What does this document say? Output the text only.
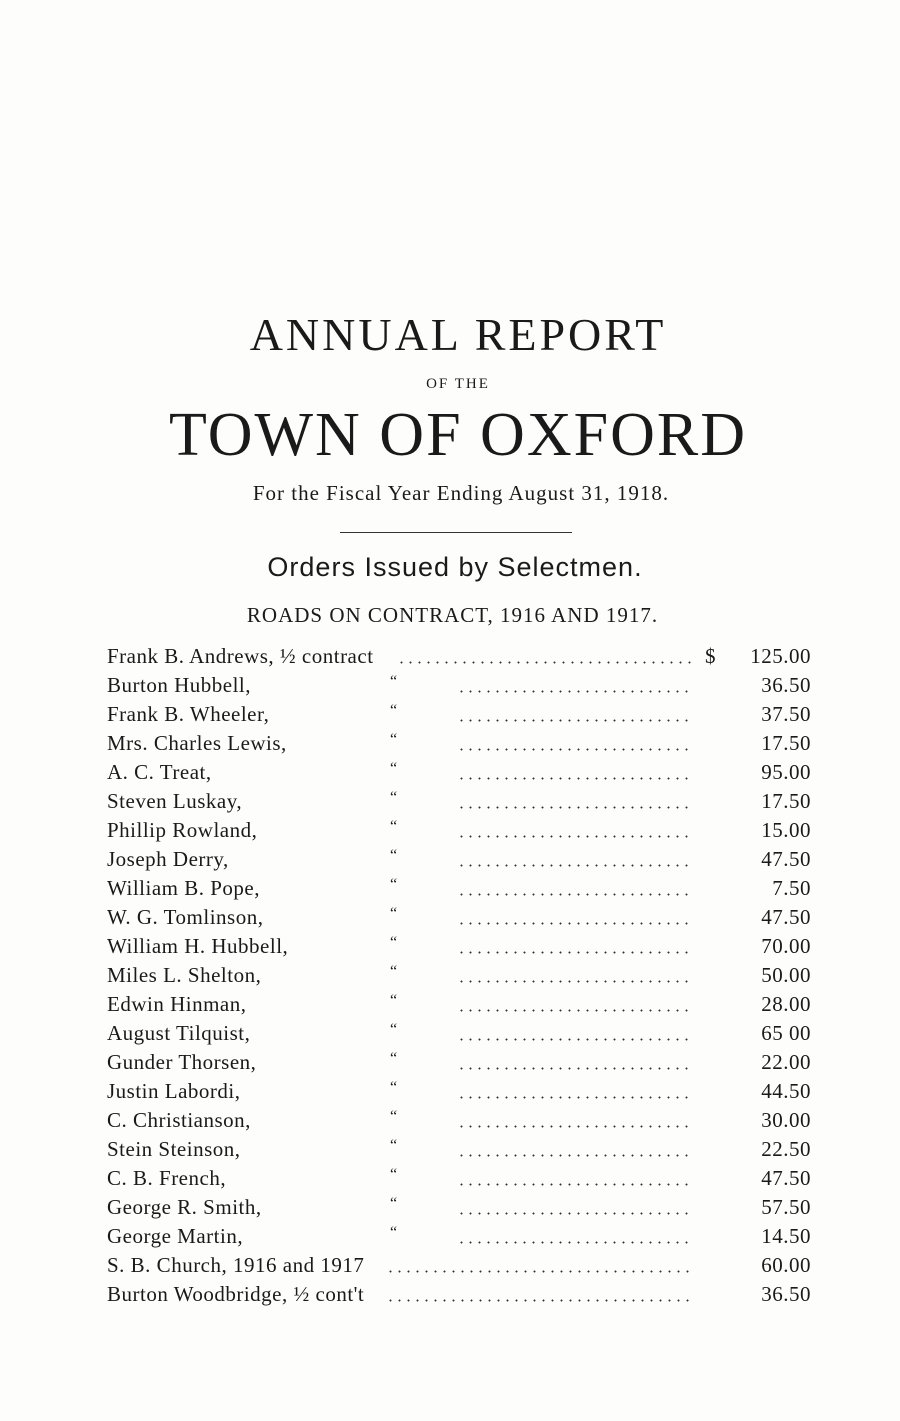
ANNUAL REPORT
OF THE
TOWN OF OXFORD
For the Fiscal Year Ending August 31, 1918.
Orders Issued by Selectmen.
ROADS ON CONTRACT, 1916 AND 1917.
Frank B. Andrews, ½ contract	$ 125.00
Burton Hubbell,	“	36.50
Frank B. Wheeler,	“	37.50
Mrs. Charles Lewis,	“	17.50
A. C. Treat,	“	95.00
Steven Luskay,	“	17.50
Phillip Rowland,	“	15.00
Joseph Derry,	“	47.50
William B. Pope,	“	7.50
W. G. Tomlinson,	“	47.50
William H. Hubbell,	“	70.00
Miles L. Shelton,	“	50.00
Edwin Hinman,	“	28.00
August Tilquist,	“	65 00
Gunder Thorsen,	“	22.00
Justin Labordi,	“	44.50
C. Christianson,	“	30.00
Stein Steinson,	“	22.50
C. B. French,	“	47.50
George R. Smith,	“	57.50
George Martin,	“	14.50
S. B. Church, 1916 and 1917	60.00
Burton Woodbridge, ½ cont't	36.50
